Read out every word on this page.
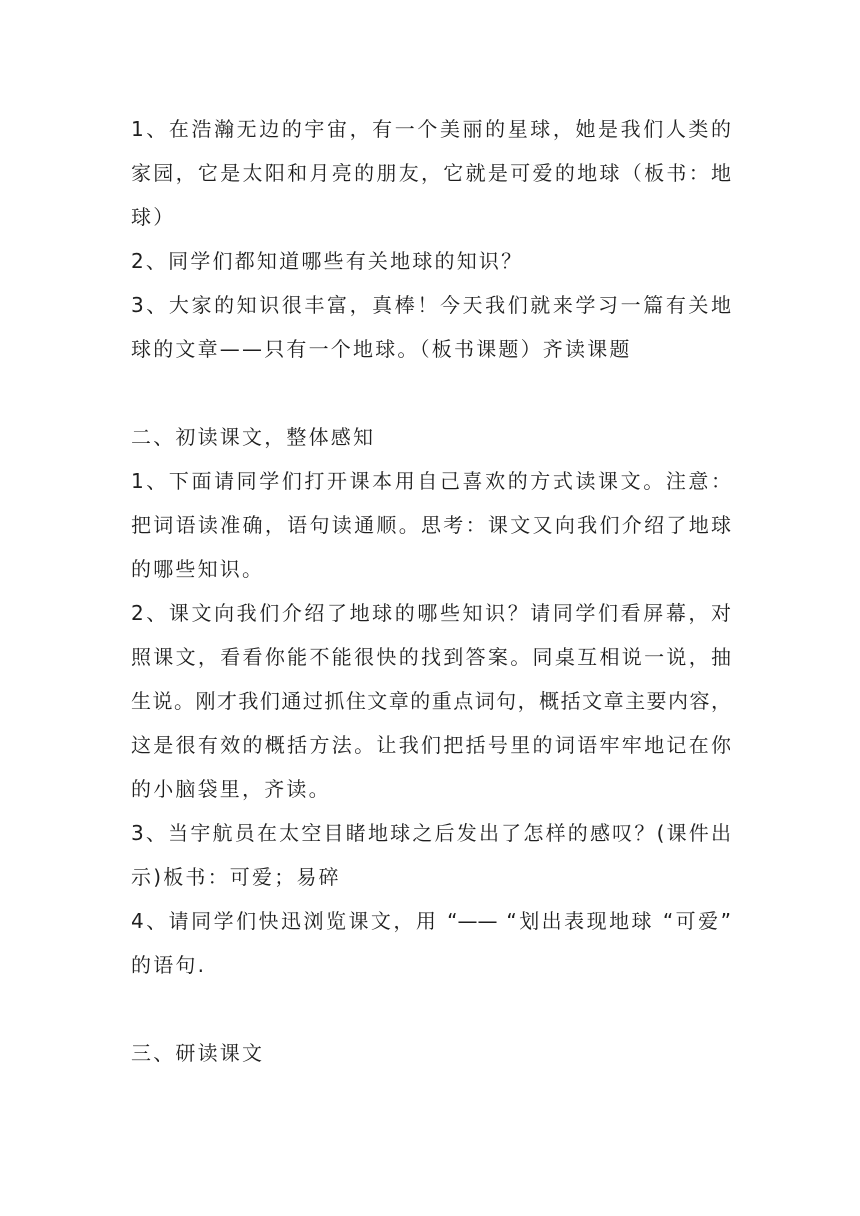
1、在浩瀚无边的宇宙，有一个美丽的星球，她是我们人类的
家园，它是太阳和月亮的朋友，它就是可爱的地球（板书：地
球）
2、同学们都知道哪些有关地球的知识？
3、大家的知识很丰富，真棒！今天我们就来学习一篇有关地
球的文章——只有一个地球。（板书课题）齐读课题
二、初读课文，整体感知
1、下面请同学们打开课本用自己喜欢的方式读课文。注意：
把词语读准确，语句读通顺。思考：课文又向我们介绍了地球
的哪些知识。
2、课文向我们介绍了地球的哪些知识？请同学们看屏幕，对
照课文，看看你能不能很快的找到答案。同桌互相说一说，抽
生说。刚才我们通过抓住文章的重点词句，概括文章主要内容，
这是很有效的概括方法。让我们把括号里的词语牢牢地记在你
的小脑袋里，齐读。
3、当宇航员在太空目睹地球之后发出了怎样的感叹？(课件出
示)板书：可爱；易碎
4、请同学们快迅浏览课文，用 “—— “划出表现地球 “可爱”
的语句.
三、研读课文
